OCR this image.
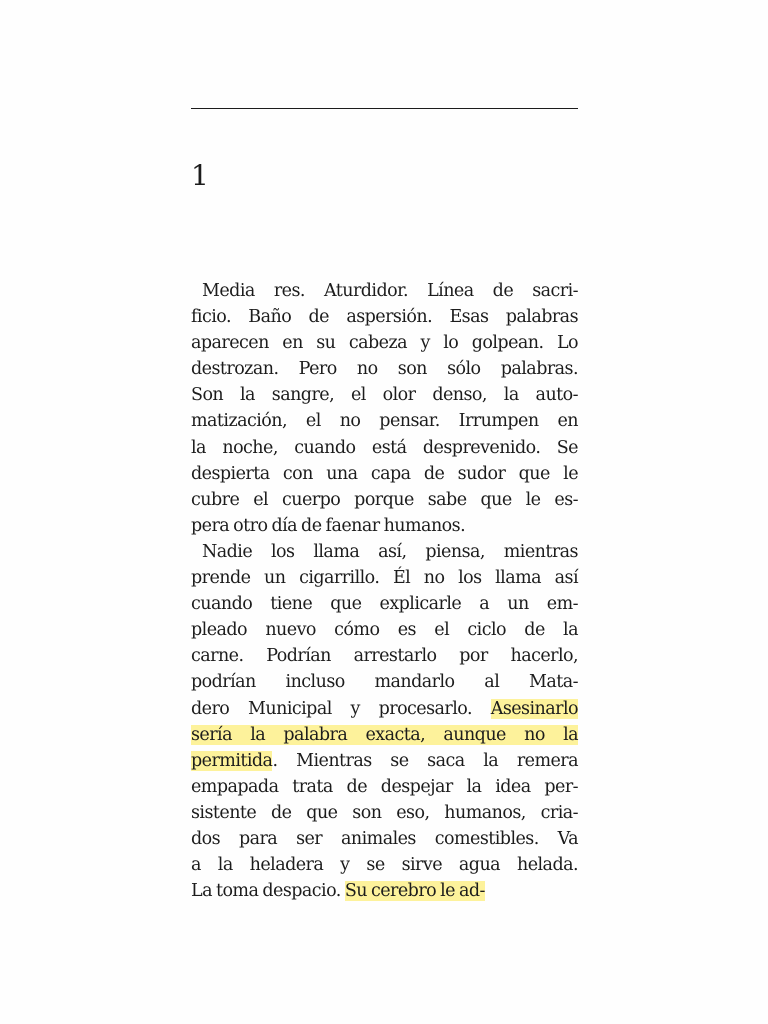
1
Media res. Aturdidor. Línea de sacri-
ficio. Baño de aspersión. Esas palabras
aparecen en su cabeza y lo golpean. Lo
destrozan. Pero no son sólo palabras.
Son la sangre, el olor denso, la auto-
matización, el no pensar. Irrumpen en
la noche, cuando está desprevenido. Se
despierta con una capa de sudor que le
cubre el cuerpo porque sabe que le es-
pera otro día de faenar humanos.
Nadie los llama así, piensa, mientras
prende un cigarrillo. Él no los llama así
cuando tiene que explicarle a un em-
pleado nuevo cómo es el ciclo de la
carne. Podrían arrestarlo por hacerlo,
podrían incluso mandarlo al Mata-
dero Municipal y procesarlo. Asesinarlo
sería la palabra exacta, aunque no la
permitida. Mientras se saca la remera
empapada trata de despejar la idea per-
sistente de que son eso, humanos, cria-
dos para ser animales comestibles. Va
a la heladera y se sirve agua helada.
La toma despacio. Su cerebro le ad-
